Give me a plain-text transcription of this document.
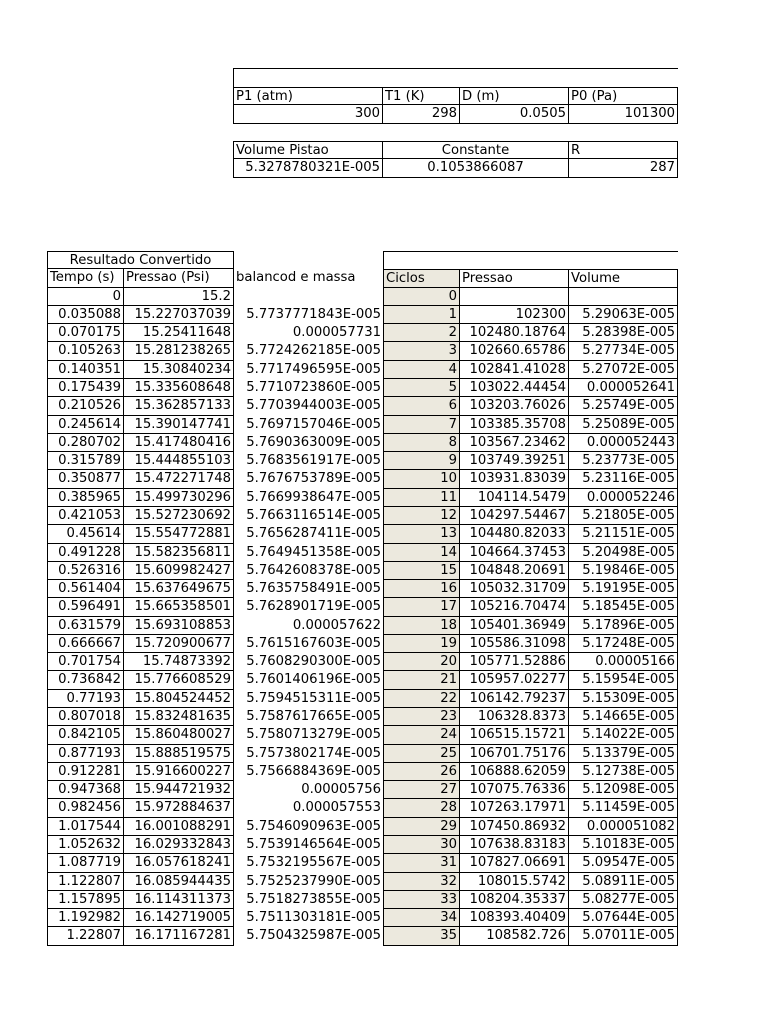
P1 (atm)	T1 (K)	D (m)	P0 (Pa)
300	298	0.0505	101300
Volume Pistao	Constante	R
5.3278780321E-005	0.1053866087	287
Resultado Convertido
Tempo (s) Pressao (Psi)	balancod e massa
0	15.2
0.035088	15.227037039	5.7737771843E-005
0.070175	15.25411648	0.000057731
0.105263	15.281238265	5.7724262185E-005
0.140351	15.30840234	5.7717496595E-005
0.175439	15.335608648	5.7710723860E-005
0.210526	15.362857133	5.7703944003E-005
0.245614	15.390147741	5.7697157046E-005
0.280702	15.417480416	5.7690363009E-005
0.315789	15.444855103	5.7683561917E-005
0.350877	15.472271748	5.7676753789E-005
0.385965	15.499730296	5.7669938647E-005
0.421053	15.527230692	5.7663116514E-005
0.45614	15.554772881	5.7656287411E-005
0.491228	15.582356811	5.7649451358E-005
0.526316	15.609982427	5.7642608378E-005
0.561404	15.637649675	5.7635758491E-005
0.596491	15.665358501	5.7628901719E-005
0.631579	15.693108853	0.000057622
0.666667	15.720900677	5.7615167603E-005
0.701754	15.74873392	5.7608290300E-005
0.736842	15.776608529	5.7601406196E-005
0.77193	15.804524452	5.7594515311E-005
0.807018	15.832481635	5.7587617665E-005
0.842105	15.860480027	5.7580713279E-005
0.877193	15.888519575	5.7573802174E-005
0.912281	15.916600227	5.7566884369E-005
0.947368	15.944721932	0.00005756
0.982456	15.972884637	0.000057553
1.017544	16.001088291	5.7546090963E-005
1.052632	16.029332843	5.7539146564E-005
1.087719	16.057618241	5.7532195567E-005
1.122807	16.085944435	5.7525237990E-005
1.157895	16.114311373	5.7518273855E-005
1.192982	16.142719005	5.7511303181E-005
1.22807	16.171167281	5.7504325987E-005
Ciclos	Pressao	Volume
0
1	102300	5.29063E-005
2 102480.18764	5.28398E-005
3 102660.65786	5.27734E-005
4 102841.41028	5.27072E-005
5 103022.44454	0.000052641
6 103203.76026	5.25749E-005
7 103385.35708	5.25089E-005
8 103567.23462	0.000052443
9 103749.39251	5.23773E-005
10 103931.83039	5.23116E-005
11	104114.5479	0.000052246
12 104297.54467	5.21805E-005
13 104480.82033	5.21151E-005
14 104664.37453	5.20498E-005
15 104848.20691	5.19846E-005
16 105032.31709	5.19195E-005
17 105216.70474	5.18545E-005
18 105401.36949	5.17896E-005
19 105586.31098	5.17248E-005
20 105771.52886	0.00005166
21 105957.02277	5.15954E-005
22 106142.79237	5.15309E-005
23	106328.8373	5.14665E-005
24 106515.15721	5.14022E-005
25 106701.75176	5.13379E-005
26 106888.62059	5.12738E-005
27 107075.76336	5.12098E-005
28 107263.17971	5.11459E-005
29 107450.86932	0.000051082
30 107638.83183	5.10183E-005
31 107827.06691	5.09547E-005
32	108015.5742	5.08911E-005
33 108204.35337	5.08277E-005
34 108393.40409	5.07644E-005
35	108582.726	5.07011E-005
